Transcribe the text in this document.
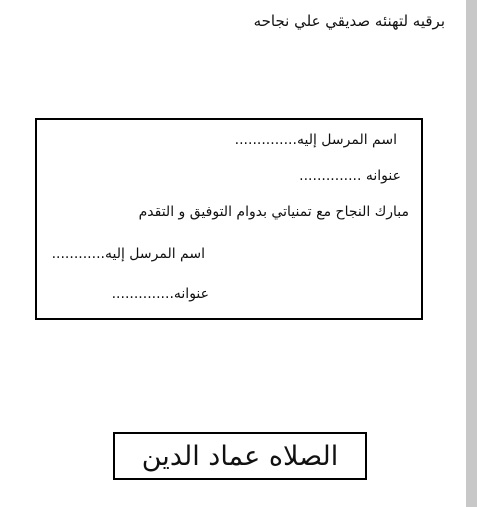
برقيه لتهنئه صديقي علي نجاحه
اسم المرسل إليه..............
عنوانه ..............
مبارك النجاح مع تمنياتي بدوام التوفيق و التقدم
اسم المرسل إليه............
عنوانه..............
الصلاه عماد الدين
